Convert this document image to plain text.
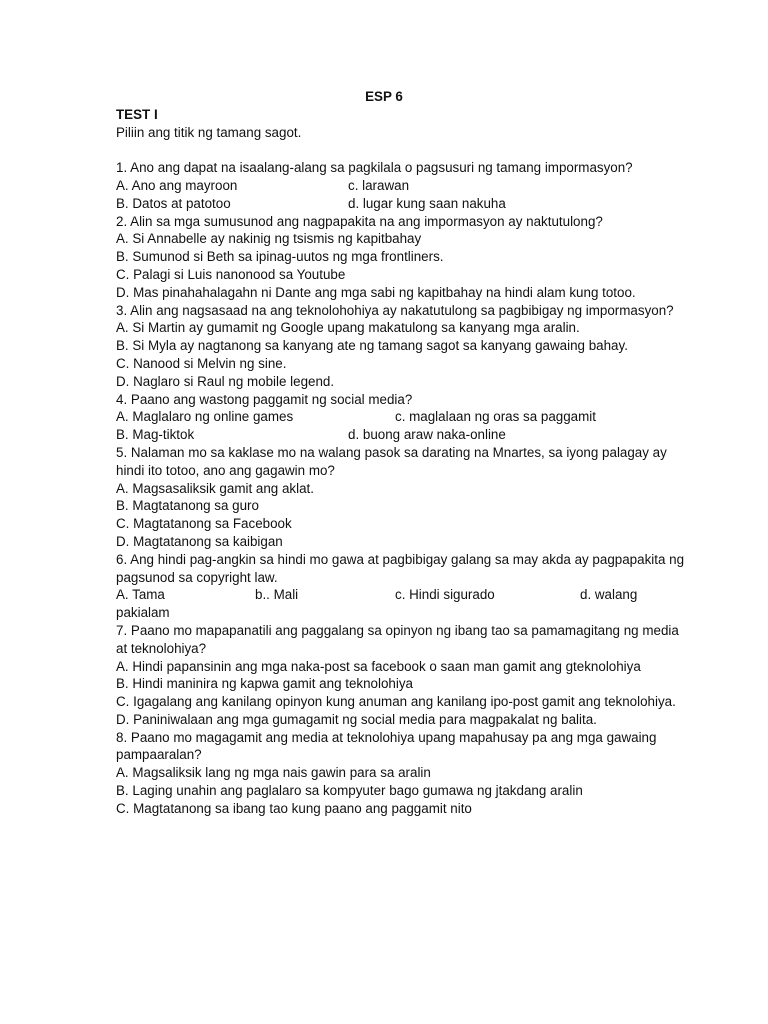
ESP 6
TEST I
Piliin ang titik ng tamang sagot.
1. Ano ang dapat na isaalang-alang sa pagkilala o pagsusuri ng tamang impormasyon?
A. Ano ang mayroon	c. larawan
B. Datos at patotoo	d. lugar kung saan nakuha
2. Alin sa mga sumusunod ang nagpapakita na ang impormasyon ay naktutulong?
A. Si Annabelle ay nakinig ng tsismis ng kapitbahay
B. Sumunod si Beth sa ipinag-uutos ng mga frontliners.
C. Palagi si Luis nanonood sa Youtube
D. Mas pinahahalagahn ni Dante ang mga sabi ng kapitbahay na hindi alam kung totoo.
3. Alin ang nagsasaad na ang teknolohohiya ay nakatutulong sa pagbibigay ng impormasyon?
A. Si Martin ay gumamit ng Google upang makatulong sa kanyang mga aralin.
B. Si Myla ay nagtanong sa kanyang ate ng tamang sagot sa kanyang gawaing bahay.
C. Nanood si Melvin ng sine.
D. Naglaro si Raul ng mobile legend.
4. Paano ang wastong paggamit ng social media?
A. Maglalaro ng online games	c. maglalaan ng oras sa paggamit
B. Mag-tiktok	d. buong araw naka-online
5. Nalaman mo sa kaklase mo na walang pasok sa darating na Mnartes, sa iyong palagay ay hindi ito totoo, ano ang gagawin mo?
A. Magsasaliksik gamit ang aklat.
B. Magtatanong sa guro
C. Magtatanong sa Facebook
D. Magtatanong sa kaibigan
6. Ang hindi pag-angkin sa hindi mo gawa at pagbibigay galang sa may akda ay pagpapakita ng pagsunod sa copyright law.
A. Tama	b.. Mali	c. Hindi sigurado	d. walang
pakialam
7. Paano mo mapapanatili ang paggalang sa opinyon ng ibang tao sa pamamagitang ng media at teknolohiya?
A. Hindi papansinin ang mga naka-post sa facebook o saan man gamit ang gteknolohiya
B. Hindi maninira ng kapwa gamit ang teknolohiya
C. Igagalang ang kanilang opinyon kung anuman ang kanilang ipo-post gamit ang teknolohiya.
D. Paniniwalaan ang mga gumagamit ng social media para magpakalat ng balita.
8. Paano mo magagamit ang media at teknolohiya upang mapahusay pa ang mga gawaing pampaaralan?
A. Magsaliksik lang ng mga nais gawin para sa aralin
B. Laging unahin ang paglalaro sa kompyuter bago gumawa ng jtakdang aralin
C. Magtatanong sa ibang tao kung paano ang paggamit nito
